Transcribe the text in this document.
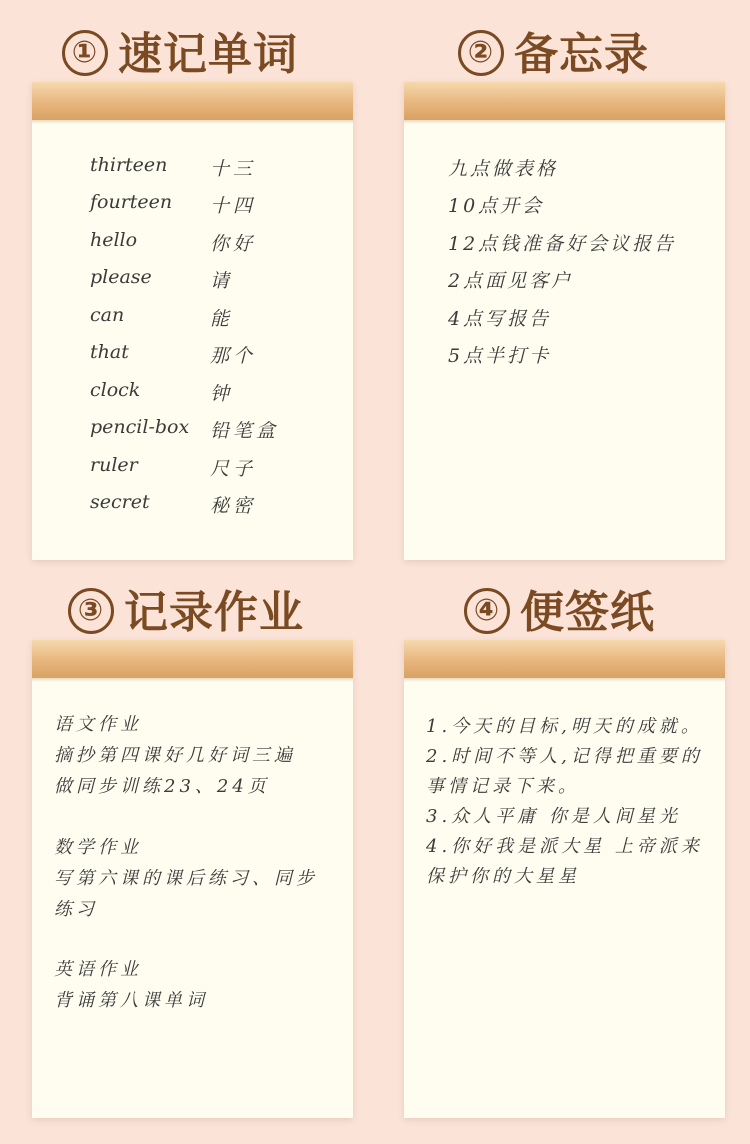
① 速记单词	② 备忘录
thirteen 十三
fourteen 十四
hello	你好
please	请
can	能
that	那个
clock	钟
pencil-box 铅笔盒
ruler	尺子
secret	秘密
九点做表格
10点开会
12点钱准备好会议报告
2点面见客户
4点写报告
5点半打卡
③ 记录作业	④ 便签纸
语文作业
摘抄第四课好几好词三遍
做同步训练23、24页
数学作业
写第六课的课后练习、同步
练习
英语作业
背诵第八课单词
1.今天的目标,明天的成就。
2.时间不等人,记得把重要的
事情记录下来。
3.众人平庸 你是人间星光
4.你好我是派大星 上帝派来
保护你的大星星
